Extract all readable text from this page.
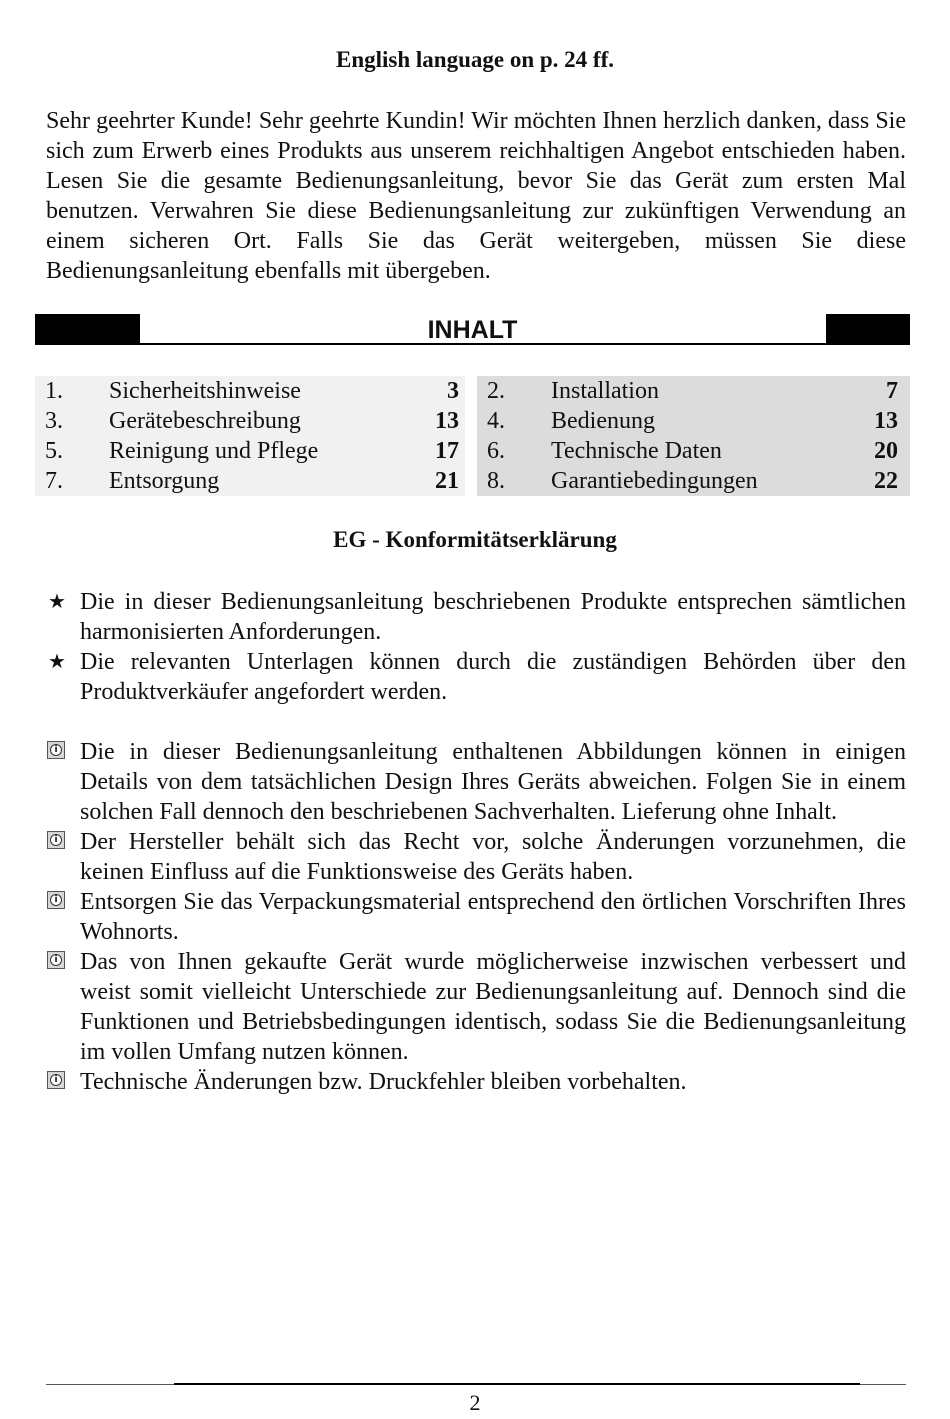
English language on p. 24 ff.

Sehr geehrter Kunde! Sehr geehrte Kundin! Wir möchten Ihnen herzlich danken, dass Sie sich zum Erwerb eines Produkts aus unserem reichhaltigen Angebot entschieden haben. Lesen Sie die gesamte Bedienungsanleitung, bevor Sie das Gerät zum ersten Mal benutzen. Verwahren Sie diese Bedienungsanleitung zur zukünftigen Verwendung an einem sicheren Ort. Falls Sie das Gerät weitergeben, müssen Sie diese Bedienungsanleitung ebenfalls mit übergeben.

INHALT
1. Sicherheitshinweise	3 2. Installation	7
3. Gerätebeschreibung	13 4. Bedienung	13
5. Reinigung und Pflege	17 6. Technische Daten	20
7. Entsorgung	21 8. Garantiebedingungen	22
EG - Konformitätserklärung
★ Die in dieser Bedienungsanleitung beschriebenen Produkte entsprechen sämtlichen harmonisierten Anforderungen.
★ Die relevanten Unterlagen können durch die zuständigen Behörden über den Produktverkäufer angefordert werden.
i Die in dieser Bedienungsanleitung enthaltenen Abbildungen können in einigen Details von dem tatsächlichen Design Ihres Geräts abweichen. Folgen Sie in einem solchen Fall dennoch den beschriebenen Sachverhalten. Lieferung ohne Inhalt.
i Der Hersteller behält sich das Recht vor, solche Änderungen vorzunehmen, die keinen Einfluss auf die Funktionsweise des Geräts haben.
i Entsorgen Sie das Verpackungsmaterial entsprechend den örtlichen Vorschriften Ihres Wohnorts.
i Das von Ihnen gekaufte Gerät wurde möglicherweise inzwischen verbessert und weist somit vielleicht Unterschiede zur Bedienungsanleitung auf. Dennoch sind die Funktionen und Betriebsbedingungen identisch, sodass Sie die Bedienungsanleitung im vollen Umfang nutzen können.
i Technische Änderungen bzw. Druckfehler bleiben vorbehalten.
2
